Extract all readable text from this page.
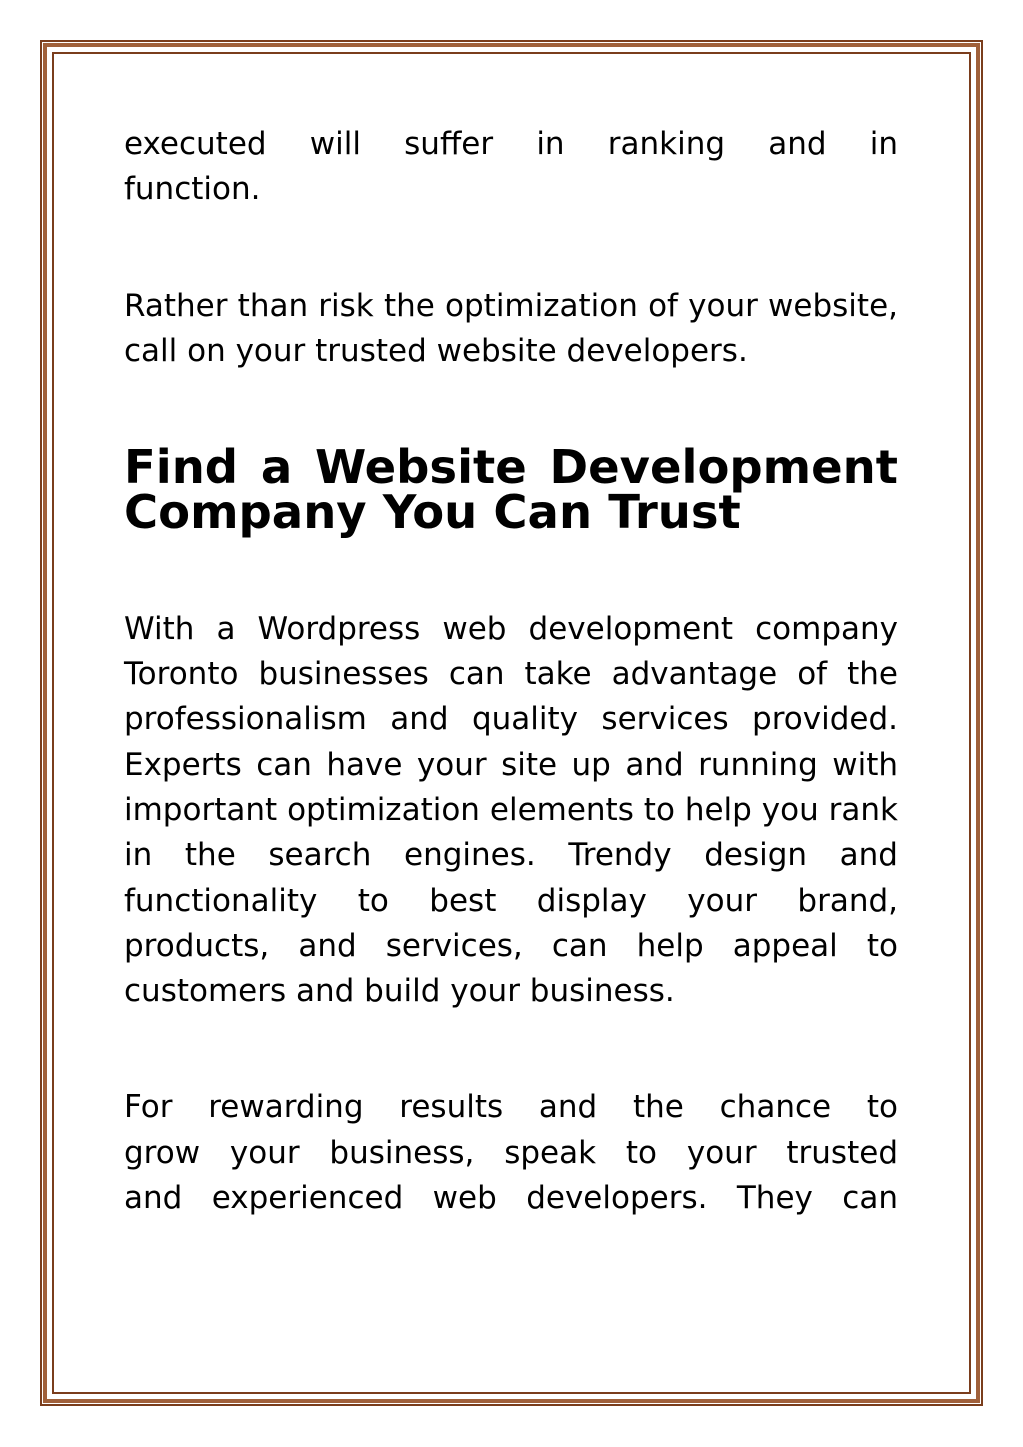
executed will suffer in ranking and in
function.

Rather than risk the optimization of your website, call on your trusted website developers.

Find a Website Development Company You Can Trust

With a Wordpress web development company Toronto businesses can take advantage of the professionalism and quality services provided. Experts can have your site up and running with important optimization elements to help you rank in the search engines. Trendy design and functionality to best display your brand, products, and services, can help appeal to customers and build your business.

For rewarding results and the chance to
grow your business, speak to your trusted
and experienced web developers. They can
